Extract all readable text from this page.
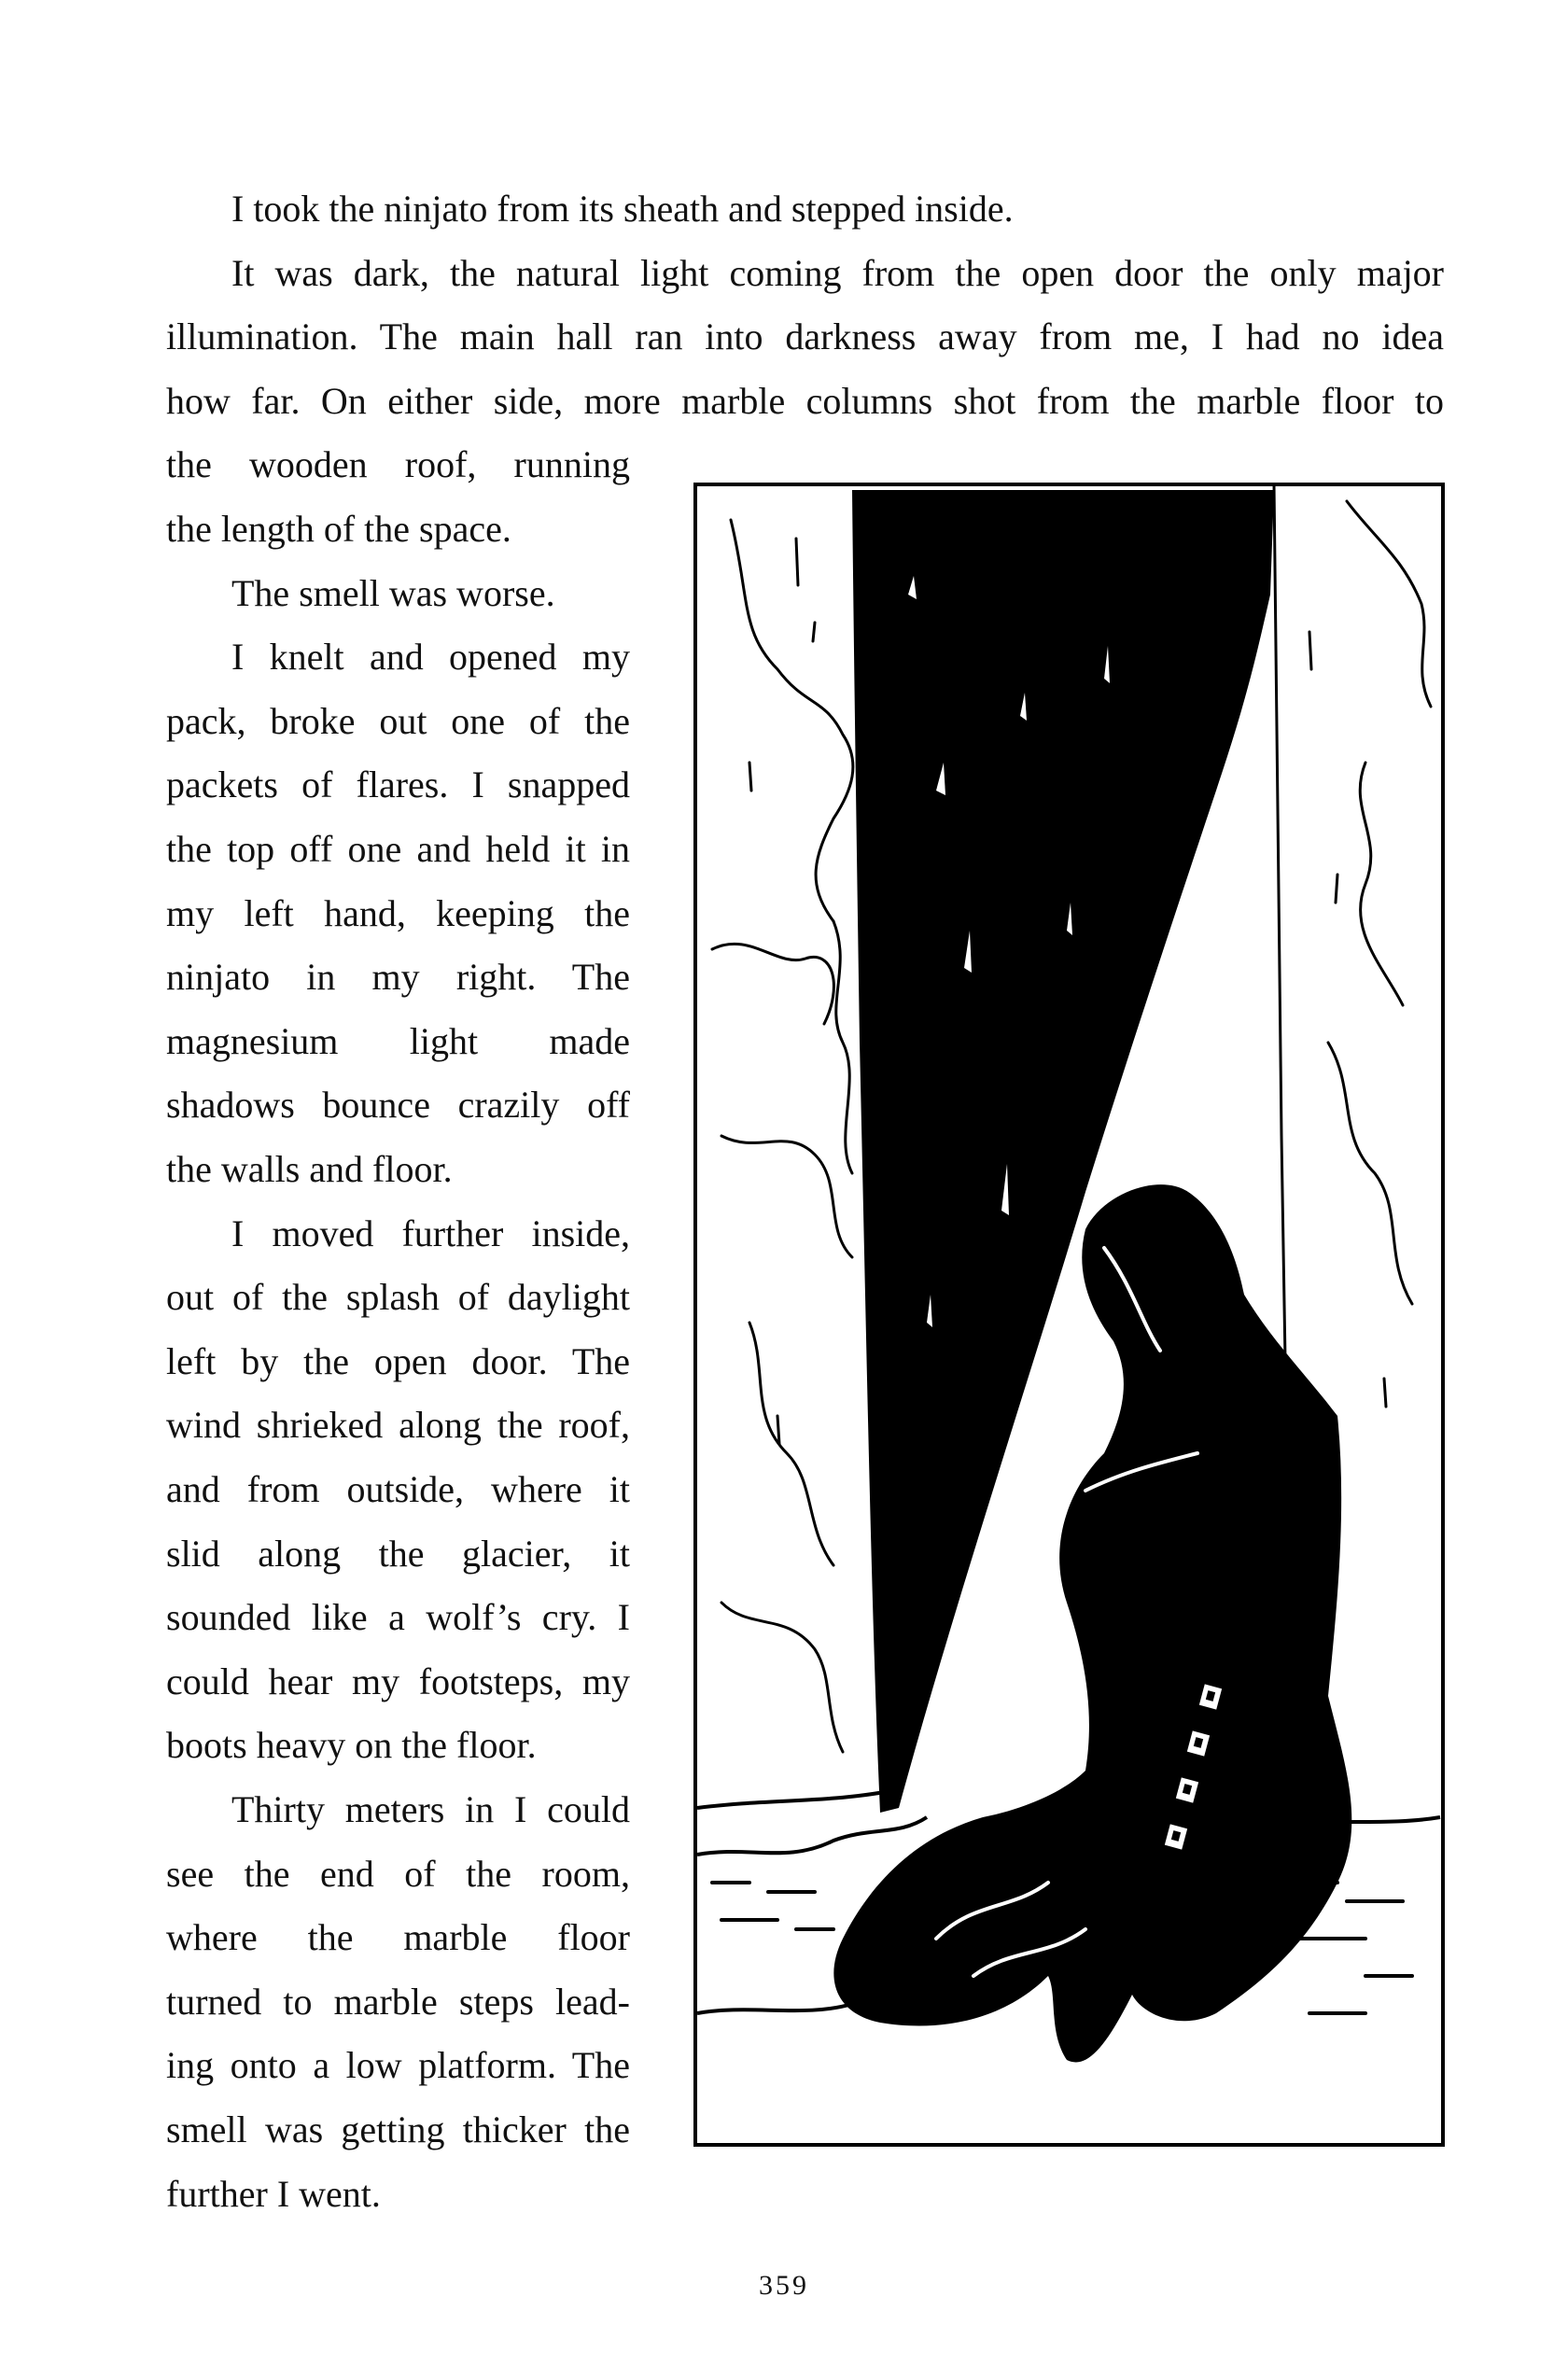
I took the ninjato from its sheath and stepped inside.
It was dark, the natural light coming from the open door the only major
illumination. The main hall ran into darkness away from me, I had no idea
how far. On either side, more marble columns shot from the marble floor to
the wooden roof, running
the length of the space.
The smell was worse.
I knelt and opened my
pack, broke out one of the
packets of flares. I snapped
the top off one and held it in
my left hand, keeping the
ninjato in my right. The
magnesium light made
shadows bounce crazily off
the walls and floor.
I moved further inside,
out of the splash of daylight
left by the open door. The
wind shrieked along the roof,
and from outside, where it
slid along the glacier, it
sounded like a wolf’s cry. I
could hear my footsteps, my
boots heavy on the floor.
Thirty meters in I could
see the end of the room,
where the marble floor
turned to marble steps lead-
ing onto a low platform. The
smell was getting thicker the
further I went.
359
